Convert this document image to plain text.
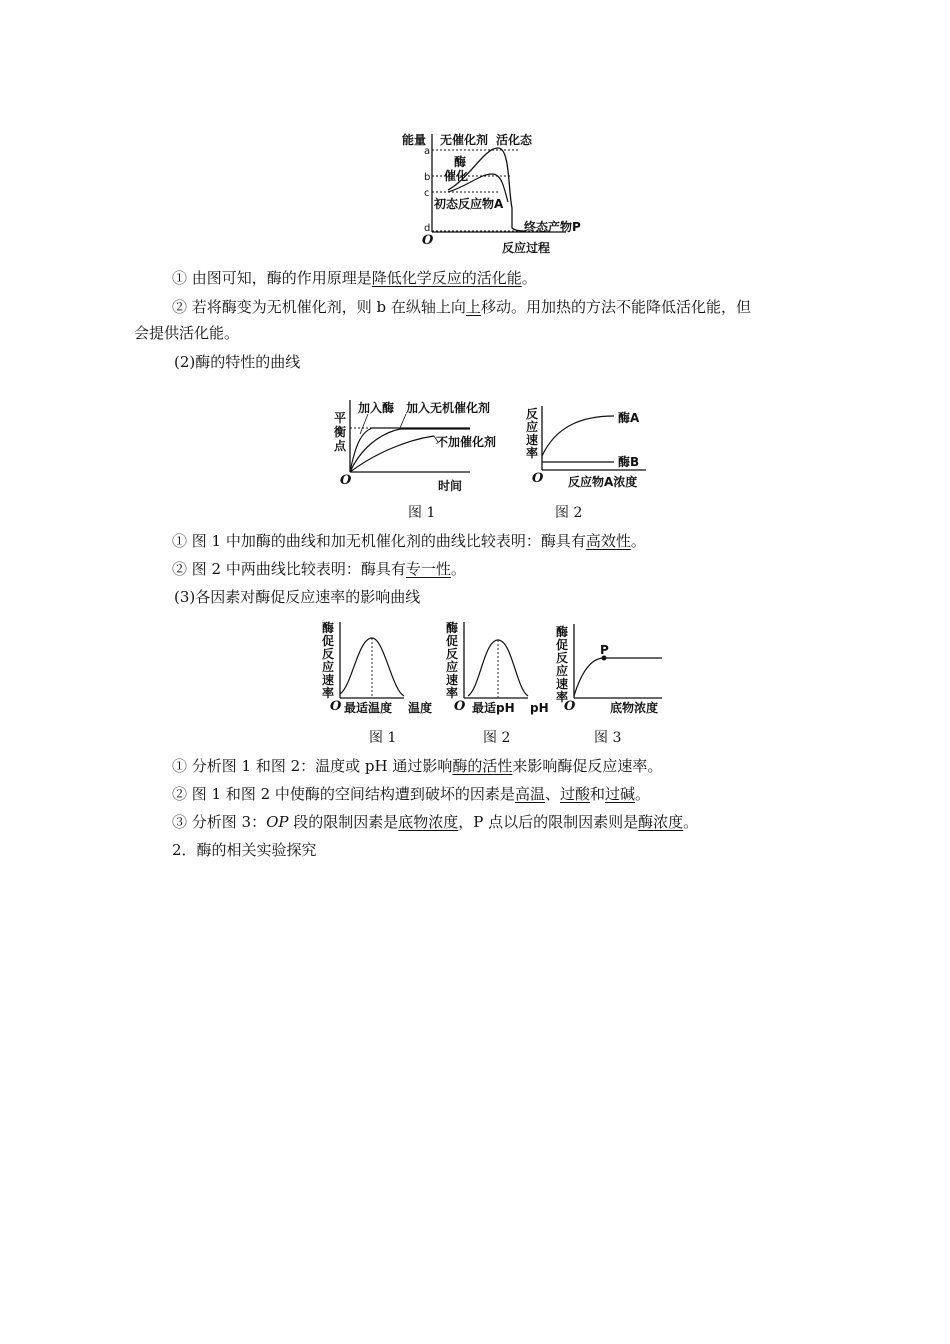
能量 无催化剂 活化态
a
b
c
d
酶
催化
初态反应物A
终态产物P
O	反应过程
① 由图可知，酶的作用原理是降低化学反应的活化能。
② 若将酶变为无机催化剂，则 b 在纵轴上向上移动。用加热的方法不能降低活化能，但
会提供活化能。
(2)酶的特性的曲线
平
衡
点
加入酶 加入无机催化剂
不加催化剂
O	时间
图 1
反
应
速
率
酶A
酶B
O 反应物A浓度
图 2
① 图 1 中加酶的曲线和加无机催化剂的曲线比较表明：酶具有高效性。
② 图 2 中两曲线比较表明：酶具有专一性。
(3)各因素对酶促反应速率的影响曲线
酶
促
反
应
速
率
O 最适温度 温度
图 1
酶
促
反
应
速
率
O 最适pH pH
图 2
酶
促
反
应
速
率
P
O	底物浓度
图 3
① 分析图 1 和图 2：温度或 pH 通过影响酶的活性来影响酶促反应速率。
② 图 1 和图 2 中使酶的空间结构遭到破坏的因素是高温、过酸和过碱。
③ 分析图 3：OP 段的限制因素是底物浓度，P 点以后的限制因素则是酶浓度。
2．酶的相关实验探究
